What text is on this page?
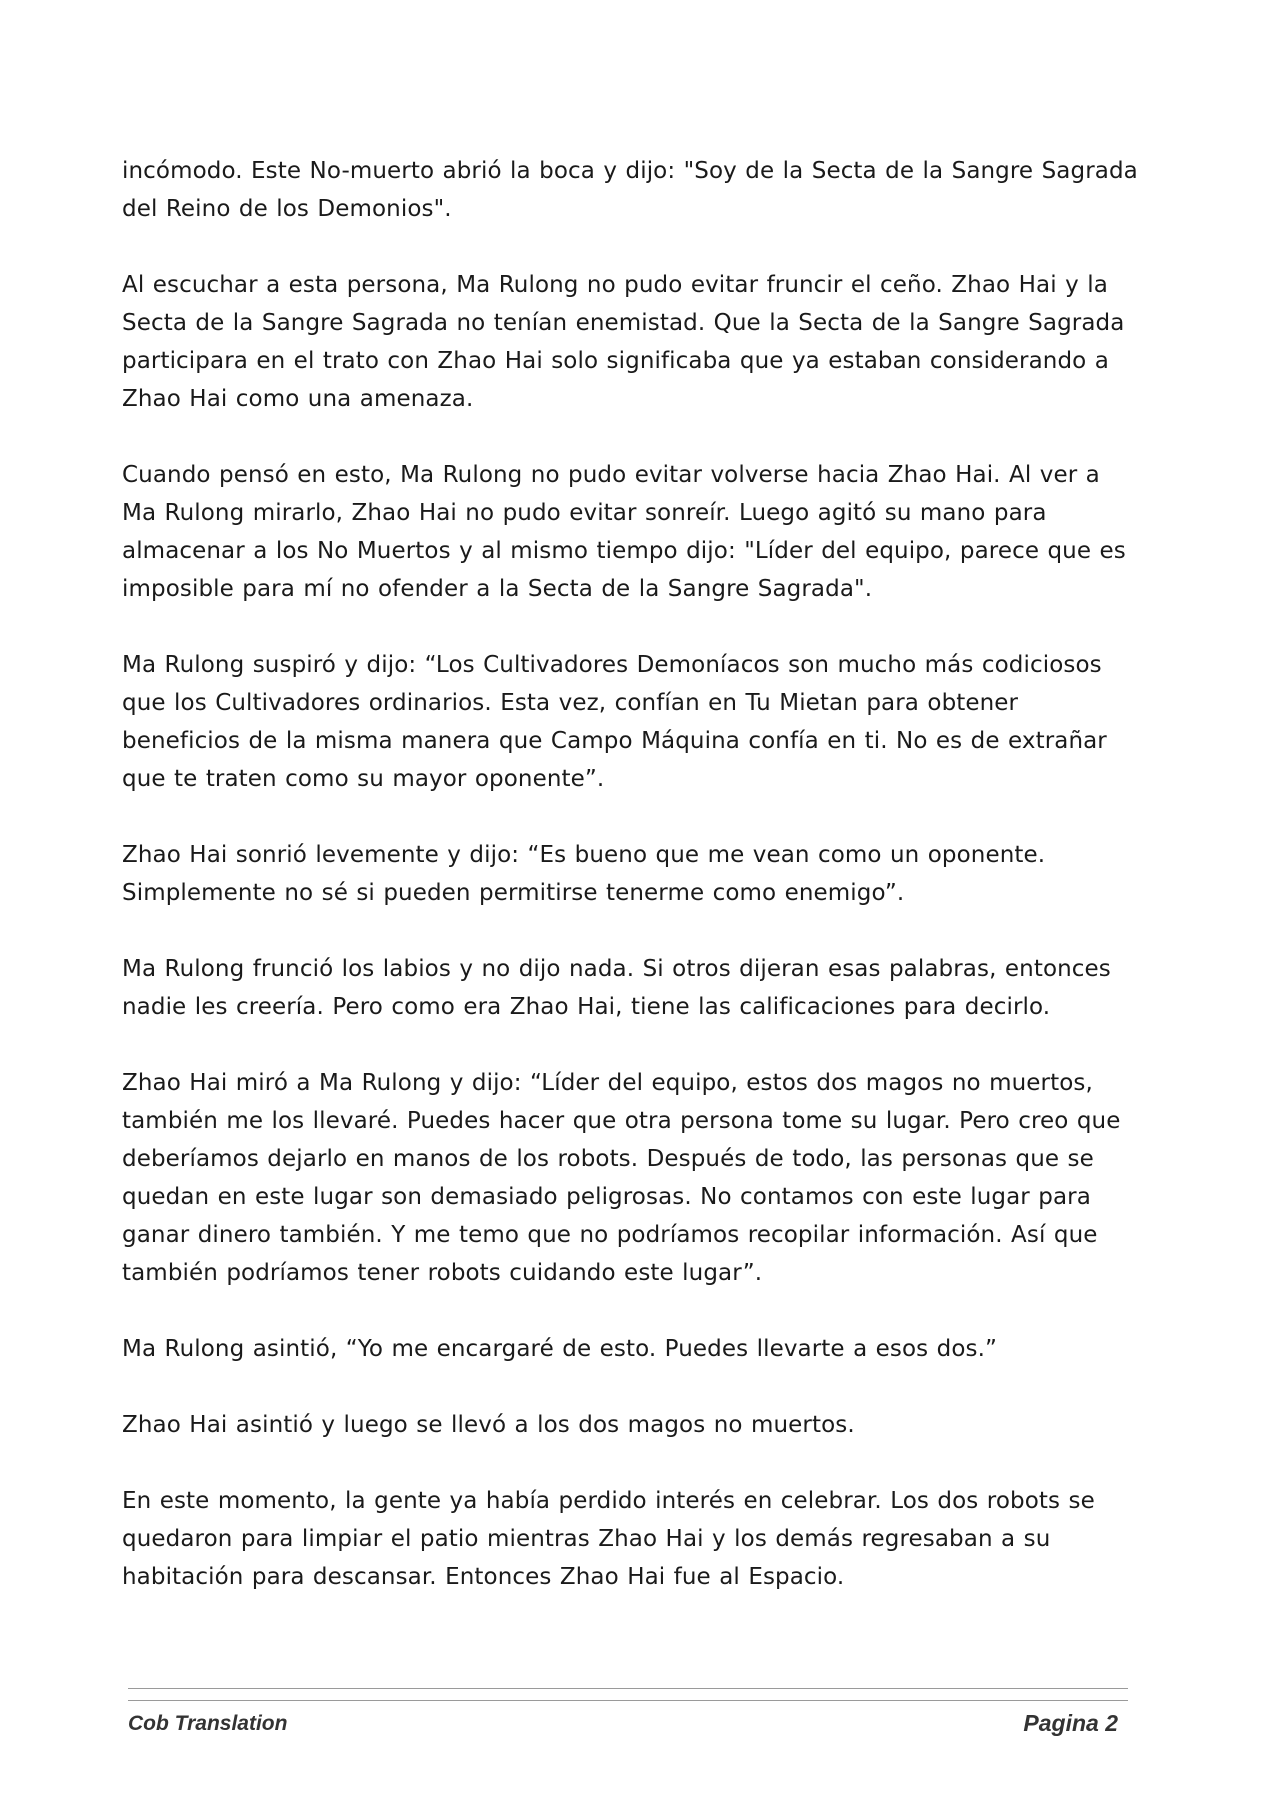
incómodo. Este No-muerto abrió la boca y dijo: "Soy de la Secta de la Sangre Sagrada del Reino de los Demonios".

Al escuchar a esta persona, Ma Rulong no pudo evitar fruncir el ceño. Zhao Hai y la Secta de la Sangre Sagrada no tenían enemistad. Que la Secta de la Sangre Sagrada participara en el trato con Zhao Hai solo significaba que ya estaban considerando a Zhao Hai como una amenaza.

Cuando pensó en esto, Ma Rulong no pudo evitar volverse hacia Zhao Hai. Al ver a Ma Rulong mirarlo, Zhao Hai no pudo evitar sonreír. Luego agitó su mano para almacenar a los No Muertos y al mismo tiempo dijo: "Líder del equipo, parece que es imposible para mí no ofender a la Secta de la Sangre Sagrada".

Ma Rulong suspiró y dijo: “Los Cultivadores Demoníacos son mucho más codiciosos que los Cultivadores ordinarios. Esta vez, confían en Tu Mietan para obtener beneficios de la misma manera que Campo Máquina confía en ti. No es de extrañar que te traten como su mayor oponente”.

Zhao Hai sonrió levemente y dijo: “Es bueno que me vean como un oponente. Simplemente no sé si pueden permitirse tenerme como enemigo”.

Ma Rulong frunció los labios y no dijo nada. Si otros dijeran esas palabras, entonces nadie les creería. Pero como era Zhao Hai, tiene las calificaciones para decirlo.

Zhao Hai miró a Ma Rulong y dijo: “Líder del equipo, estos dos magos no muertos, también me los llevaré. Puedes hacer que otra persona tome su lugar. Pero creo que deberíamos dejarlo en manos de los robots. Después de todo, las personas que se quedan en este lugar son demasiado peligrosas. No contamos con este lugar para ganar dinero también. Y me temo que no podríamos recopilar información. Así que también podríamos tener robots cuidando este lugar”.

Ma Rulong asintió, “Yo me encargaré de esto. Puedes llevarte a esos dos.”

Zhao Hai asintió y luego se llevó a los dos magos no muertos.

En este momento, la gente ya había perdido interés en celebrar. Los dos robots se quedaron para limpiar el patio mientras Zhao Hai y los demás regresaban a su habitación para descansar. Entonces Zhao Hai fue al Espacio.

Cob Translation	Pagina 2
